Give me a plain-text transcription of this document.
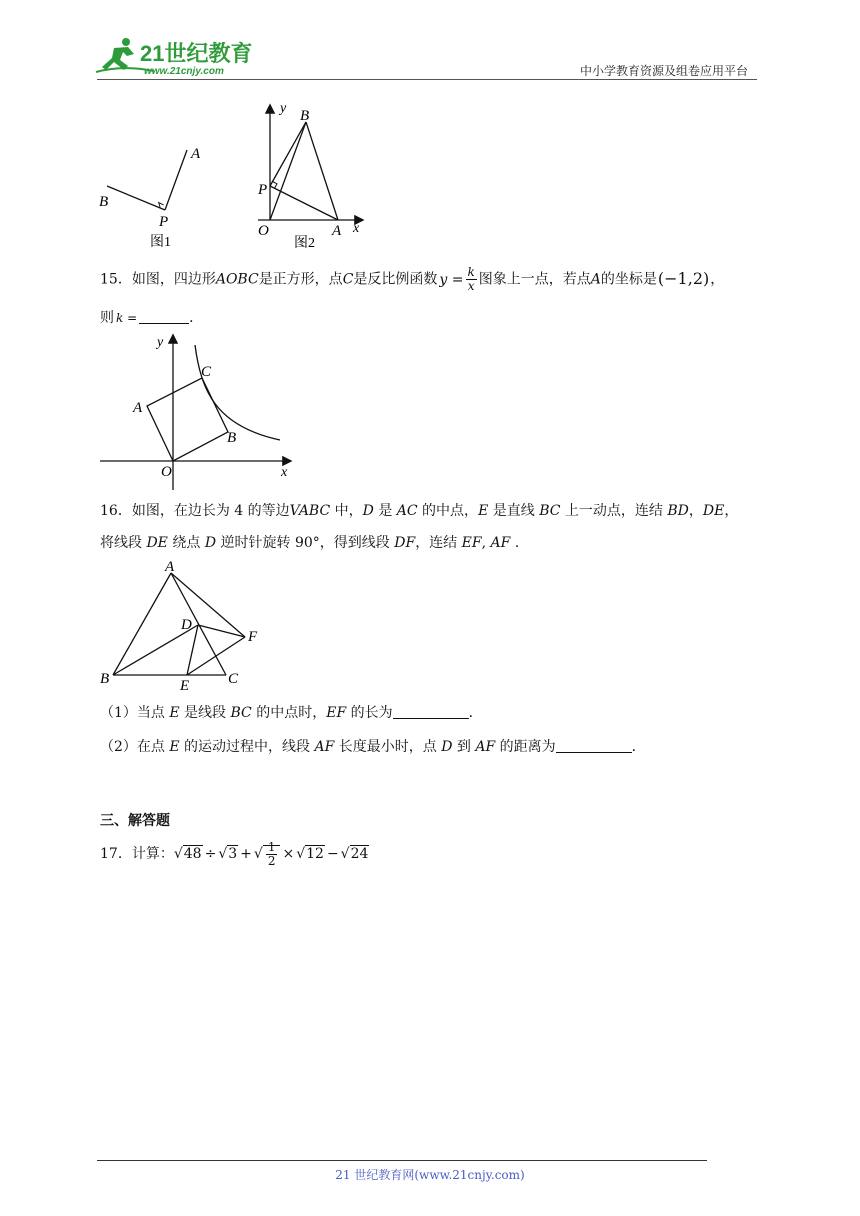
21世纪教育
www.21cnjy.com	中小学教育资源及组卷应用平台
B
A
P
图1
y B
P
O	A x
图2
15．如图，四边形AOBC是正方形，点C是反比例函数 $y = \frac{k}{x}$ 图象上一点，若点A的坐标是(−1,2)，
则 k =	．
y
C
A
B
O	x
16．如图，在边长为 4 的等边VABC 中，D 是 AC 的中点，E 是直线 BC 上一动点，连结 BD，DE，
将线段 DE 绕点 D 逆时针旋转 90°，得到线段 DF，连结 EF, AF .
A
D
F
B	E	C
（1）当点 E 是线段 BC 的中点时，EF 的长为	．
（2）在点 E 的运动过程中，线段 AF 长度最小时，点 D 到 AF 的距离为	．
三、解答题
17．计算：√48 ÷ √3 + √ $\frac{1}{2} \times √12 - √24$
21 世纪教育网(www.21cnjy.com)
